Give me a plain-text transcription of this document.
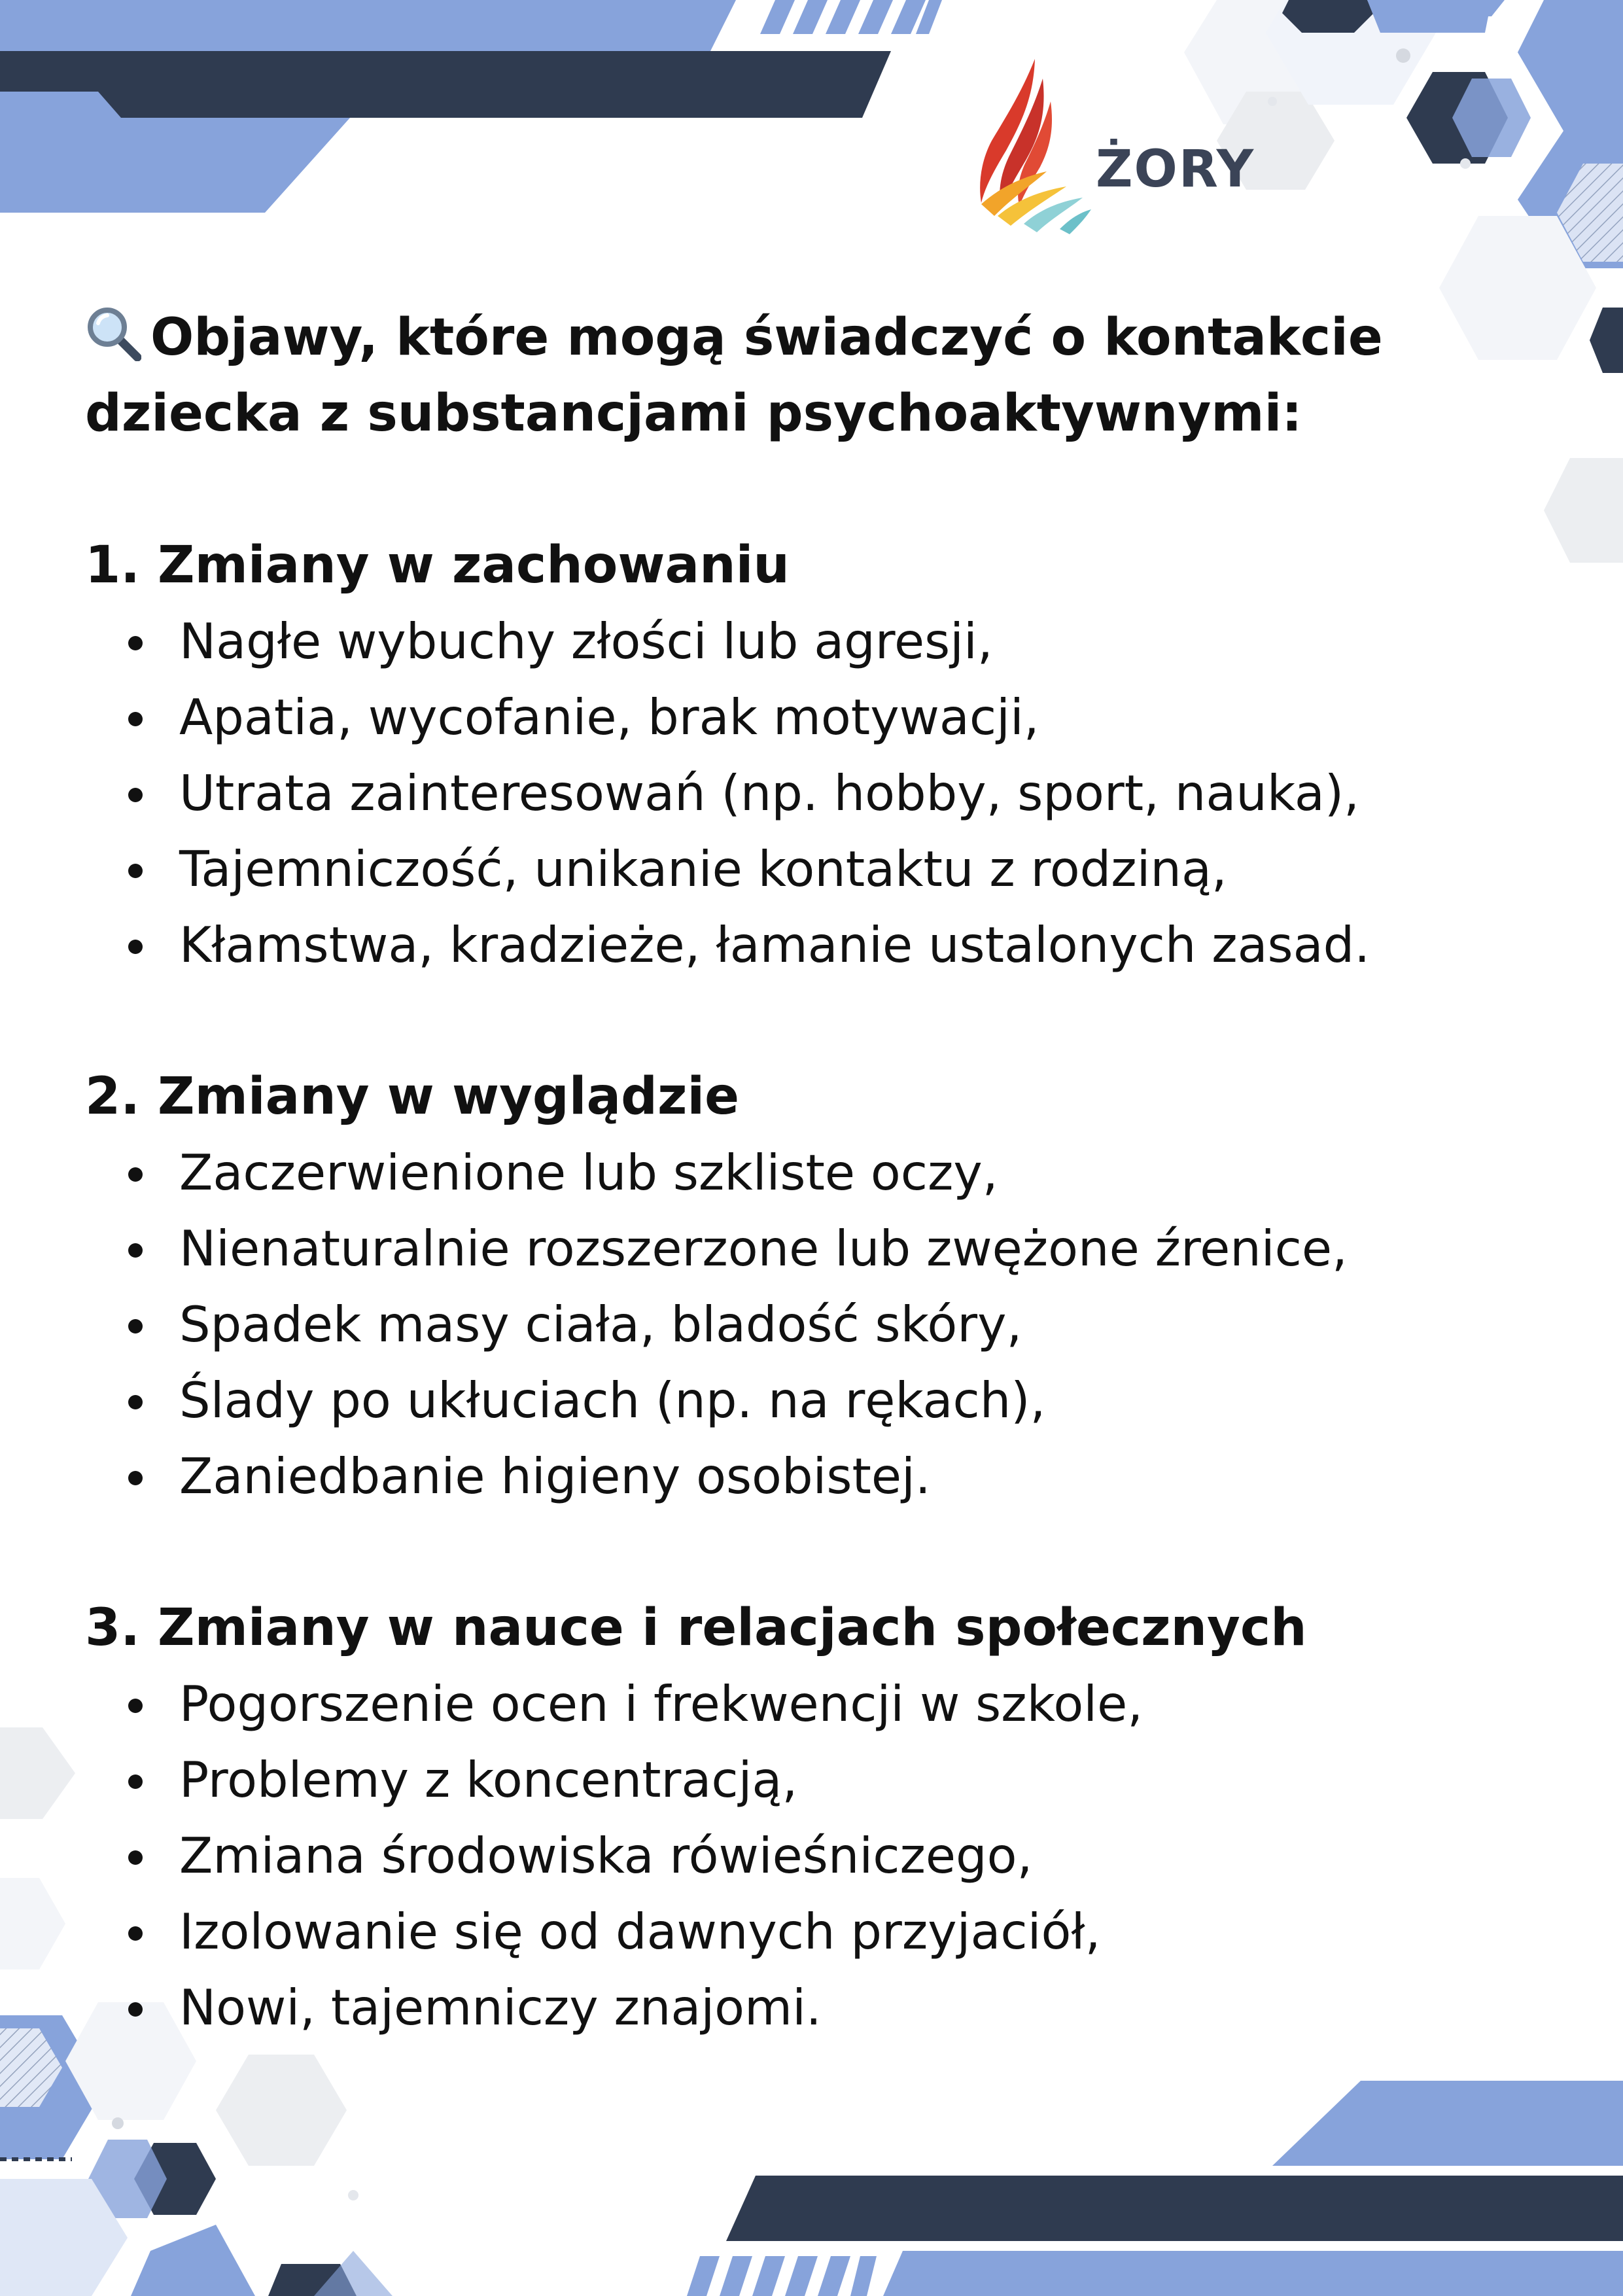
ŻORY
Objawy, które mogą świadczyć o kontakcie dziecka z substancjami psychoaktywnymi:
1. Zmiany w zachowaniu
Nagłe wybuchy złości lub agresji,
Apatia, wycofanie, brak motywacji,
Utrata zainteresowań (np. hobby, sport, nauka),
Tajemniczość, unikanie kontaktu z rodziną,
Kłamstwa, kradzieże, łamanie ustalonych zasad.
2. Zmiany w wyglądzie
Zaczerwienione lub szkliste oczy,
Nienaturalnie rozszerzone lub zwężone źrenice,
Spadek masy ciała, bladość skóry,
Ślady po ukłuciach (np. na rękach),
Zaniedbanie higieny osobistej.
3. Zmiany w nauce i relacjach społecznych
Pogorszenie ocen i frekwencji w szkole,
Problemy z koncentracją,
Zmiana środowiska rówieśniczego,
Izolowanie się od dawnych przyjaciół,
Nowi, tajemniczy znajomi.
